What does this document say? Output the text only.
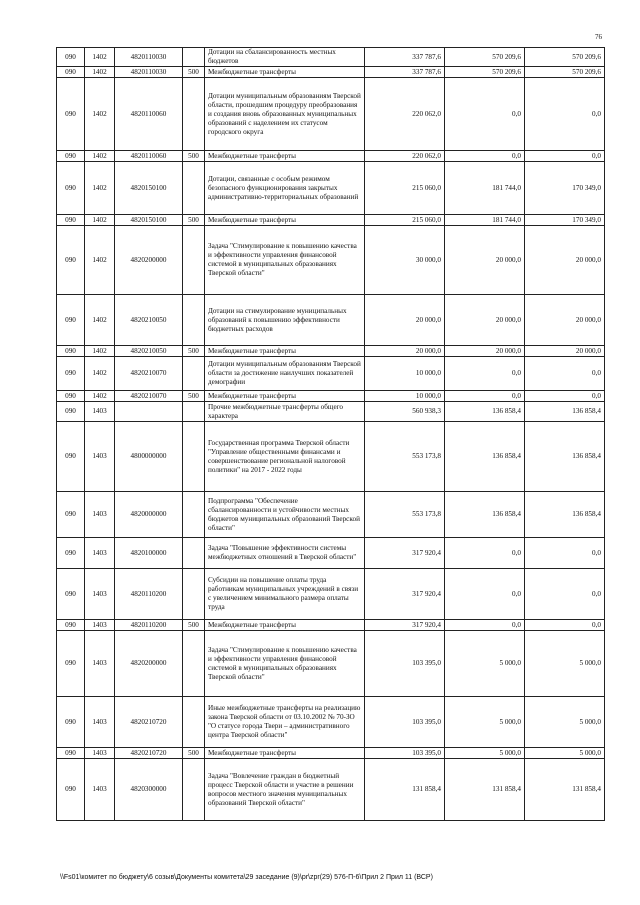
76
090	1402	4820110030		Дотации на сбалансированность местных бюджетов	337 787,6	570 209,6	570 209,6
090	1402	4820110030	500	Межбюджетные трансферты	337 787,6	570 209,6	570 209,6
090	1402	4820110060		Дотации муниципальным образованиям Тверской области, прошедшим процедуру преобразования и создания вновь образованных муниципальных образований с наделением их статусом городского округа	220 062,0	0,0	0,0
090	1402	4820110060	500	Межбюджетные трансферты	220 062,0	0,0	0,0
090	1402	4820150100		Дотации, связанные с особым режимом безопасного функционирования закрытых административно-территориальных образований	215 060,0	181 744,0	170 349,0
090	1402	4820150100	500	Межбюджетные трансферты	215 060,0	181 744,0	170 349,0
090	1402	4820200000		Задача "Стимулирование к повышению качества и эффективности управления финансовой системой в муниципальных образованиях Тверской области"	30 000,0	20 000,0	20 000,0
090	1402	4820210050		Дотации на стимулирование муниципальных образований к повышению эффективности бюджетных расходов	20 000,0	20 000,0	20 000,0
090	1402	4820210050	500	Межбюджетные трансферты	20 000,0	20 000,0	20 000,0
090	1402	4820210070		Дотации муниципальным образованиям Тверской области за достижение наилучших показателей демографии	10 000,0	0,0	0,0
090	1402	4820210070	500	Межбюджетные трансферты	10 000,0	0,0	0,0
090	1403			Прочие межбюджетные трансферты общего характера	560 938,3	136 858,4	136 858,4
090	1403	4800000000		Государственная программа Тверской области "Управление общественными финансами и совершенствование региональной налоговой политики" на 2017 - 2022 годы	553 173,8	136 858,4	136 858,4
090	1403	4820000000		Подпрограмма "Обеспечение сбалансированности и устойчивости местных бюджетов муниципальных образований Тверской области"	553 173,8	136 858,4	136 858,4
090	1403	4820100000		Задача "Повышение эффективности системы межбюджетных отношений в Тверской области"	317 920,4	0,0	0,0
090	1403	4820110200		Субсидии на повышение оплаты труда работникам муниципальных учреждений в связи с увеличением минимального размера оплаты труда	317 920,4	0,0	0,0
090	1403	4820110200	500	Межбюджетные трансферты	317 920,4	0,0	0,0
090	1403	4820200000		Задача "Стимулирование к повышению качества и эффективности управления финансовой системой в муниципальных образованиях Тверской области"	103 395,0	5 000,0	5 000,0
090	1403	4820210720		Иные межбюджетные трансферты на реализацию закона Тверской области от 03.10.2002 № 70-ЗО "О статусе города Твери – административного центра Тверской области"	103 395,0	5 000,0	5 000,0
090	1403	4820210720	500	Межбюджетные трансферты	103 395,0	5 000,0	5 000,0
090	1403	4820300000		Задача "Вовлечение граждан в бюджетный процесс Тверской области и участие в решении вопросов местного значения муниципальных образований Тверской области"	131 858,4	131 858,4	131 858,4
\\Fs01\комитет по бюджету\6 созыв\Документы комитета\29 заседание (9)\pr\zpr(29) 576-П-6\Прил 2 Прил 11 (ВСР)
